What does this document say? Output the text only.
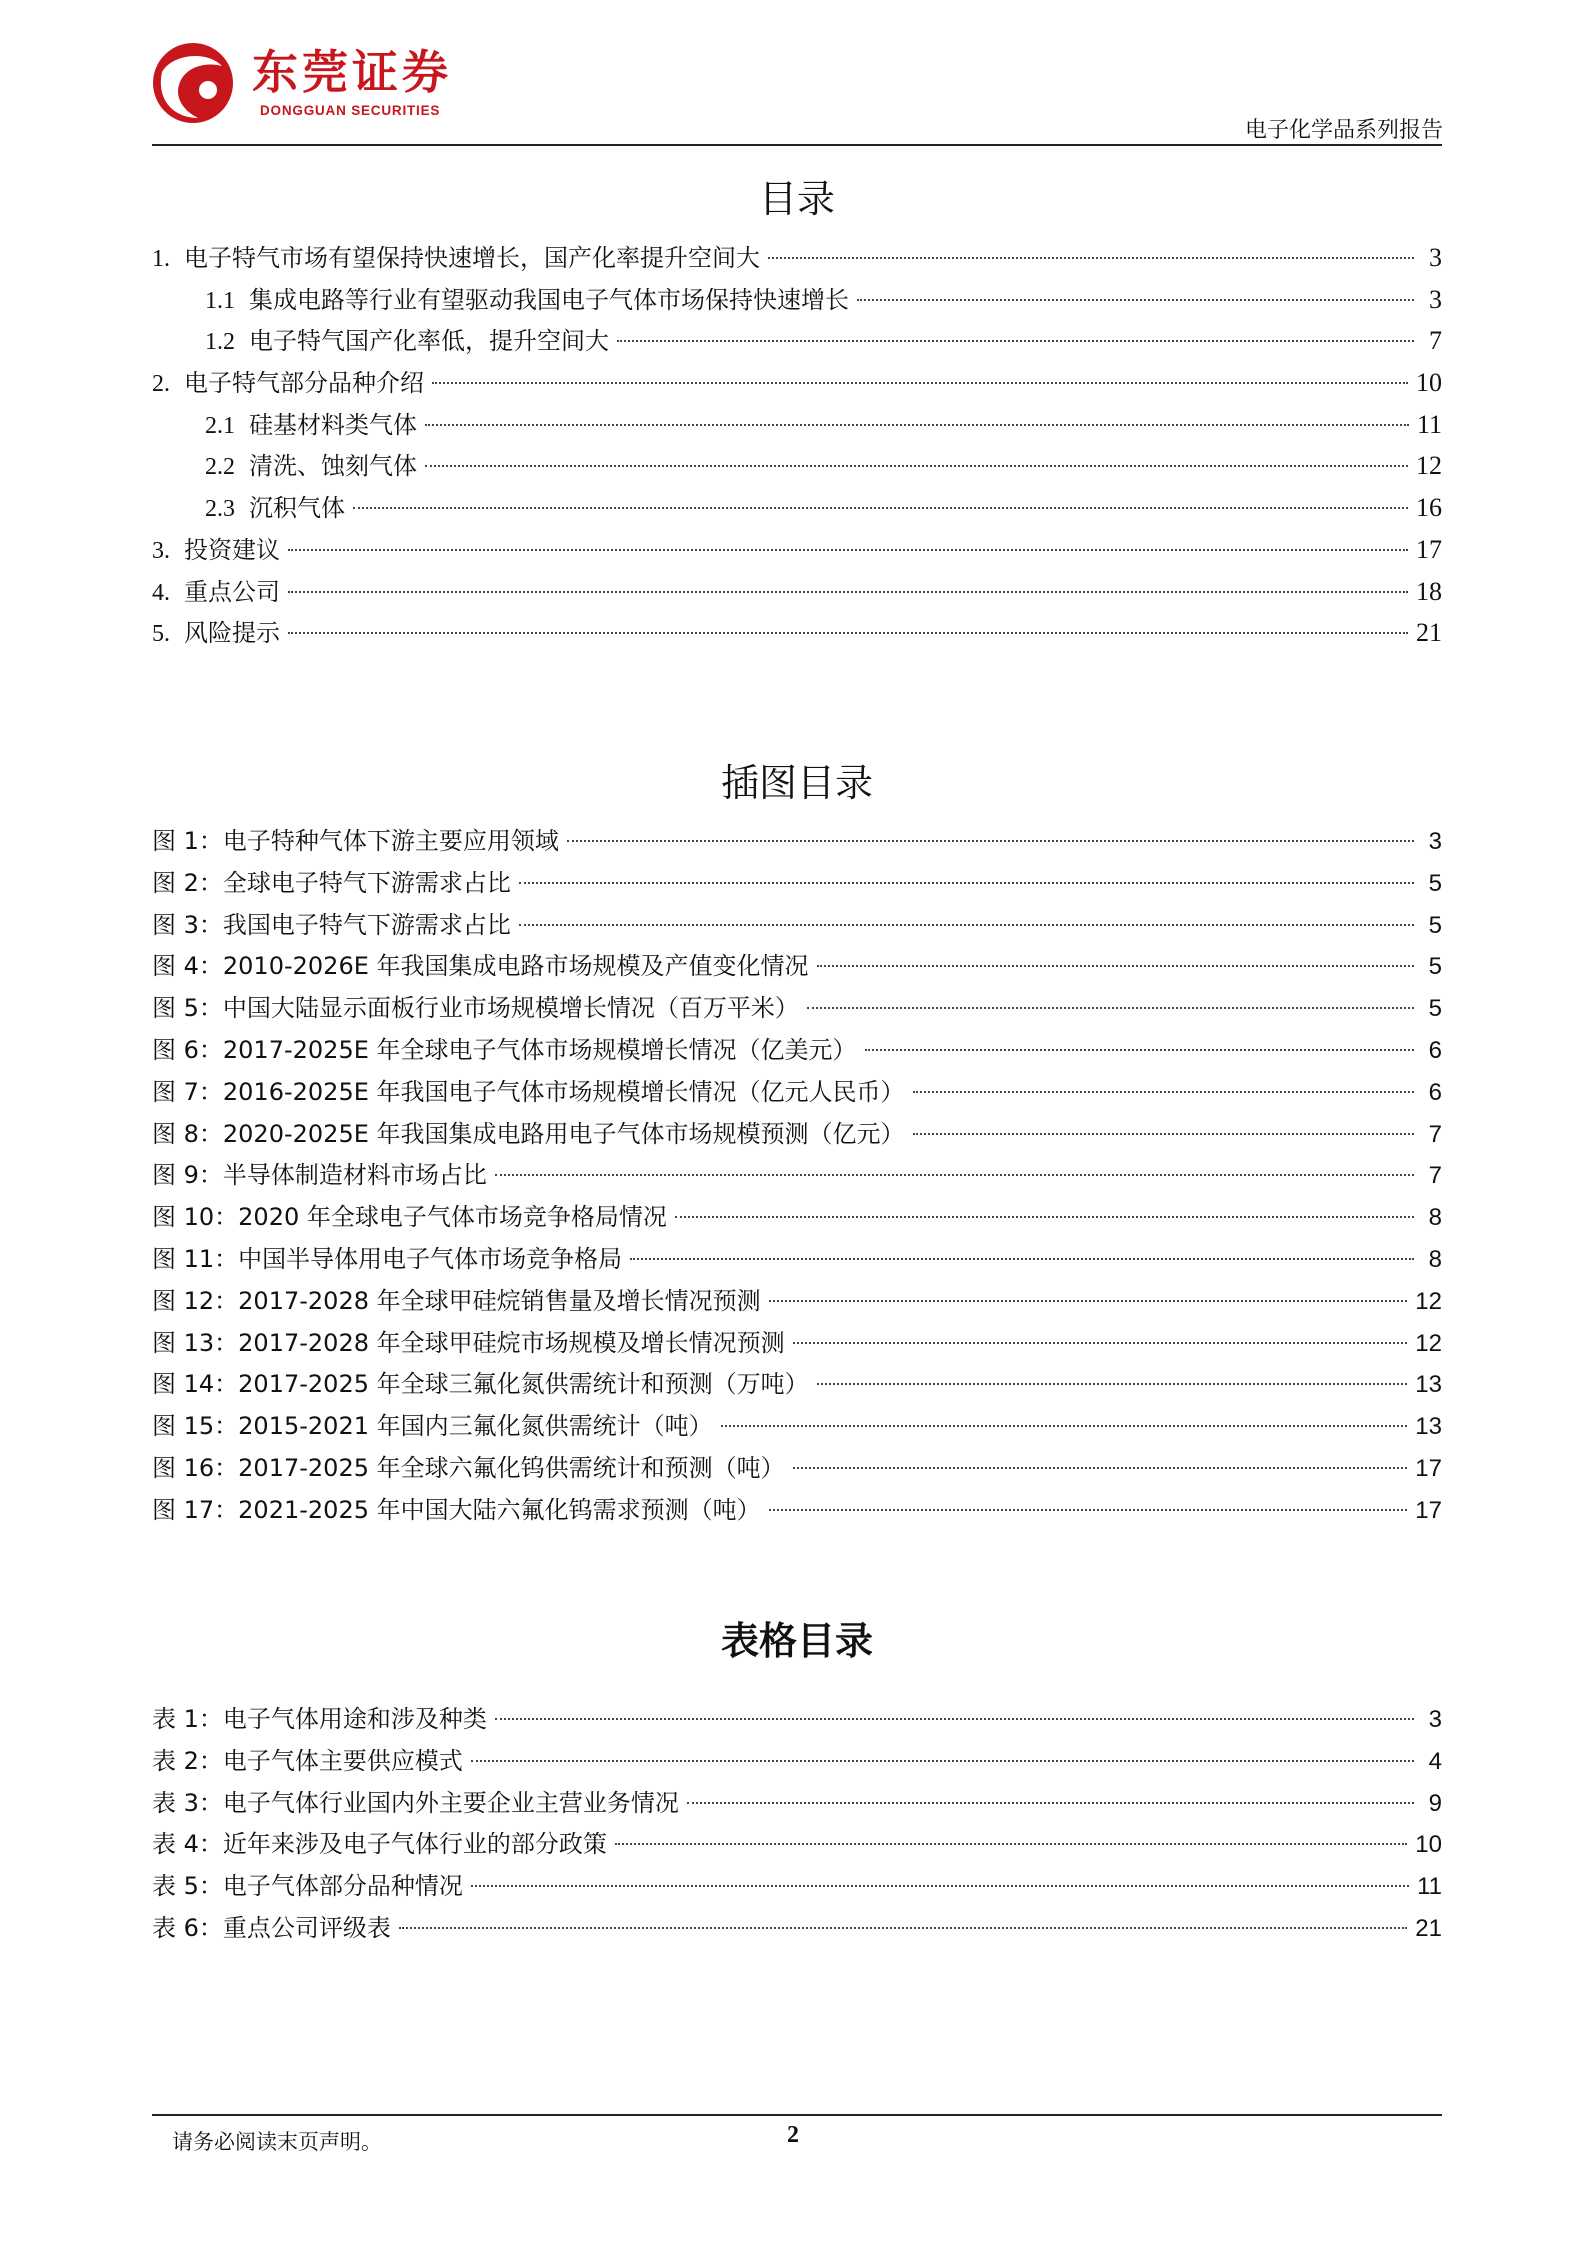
东莞证券
DONGGUAN SECURITIES
电子化学品系列报告
目录
1. 电子特气市场有望保持快速增长，国产化率提升空间大	3
1.1 集成电路等行业有望驱动我国电子气体市场保持快速增长	3
1.2 电子特气国产化率低，提升空间大	7
2. 电子特气部分品种介绍	10
2.1 硅基材料类气体	11
2.2 清洗、蚀刻气体	12
2.3 沉积气体	16
3. 投资建议	17
4. 重点公司	18
5. 风险提示	21
插图目录
图 1：电子特种气体下游主要应用领域	3
图 2：全球电子特气下游需求占比	5
图 3：我国电子特气下游需求占比	5
图 4：2010-2026E 年我国集成电路市场规模及产值变化情况	5
图 5：中国大陆显示面板行业市场规模增长情况（百万平米）	5
图 6：2017-2025E 年全球电子气体市场规模增长情况（亿美元）	6
图 7：2016-2025E 年我国电子气体市场规模增长情况（亿元人民币）	6
图 8：2020-2025E 年我国集成电路用电子气体市场规模预测（亿元）	7
图 9：半导体制造材料市场占比	7
图 10：2020 年全球电子气体市场竞争格局情况	8
图 11：中国半导体用电子气体市场竞争格局	8
图 12：2017-2028 年全球甲硅烷销售量及增长情况预测	12
图 13：2017-2028 年全球甲硅烷市场规模及增长情况预测	12
图 14：2017-2025 年全球三氟化氮供需统计和预测（万吨）	13
图 15：2015-2021 年国内三氟化氮供需统计（吨）	13
图 16：2017-2025 年全球六氟化钨供需统计和预测（吨）	17
图 17：2021-2025 年中国大陆六氟化钨需求预测（吨）	17
表格目录
表 1：电子气体用途和涉及种类	3
表 2：电子气体主要供应模式	4
表 3：电子气体行业国内外主要企业主营业务情况	9
表 4：近年来涉及电子气体行业的部分政策	10
表 5：电子气体部分品种情况	11
表 6：重点公司评级表	21
请务必阅读末页声明。	2
